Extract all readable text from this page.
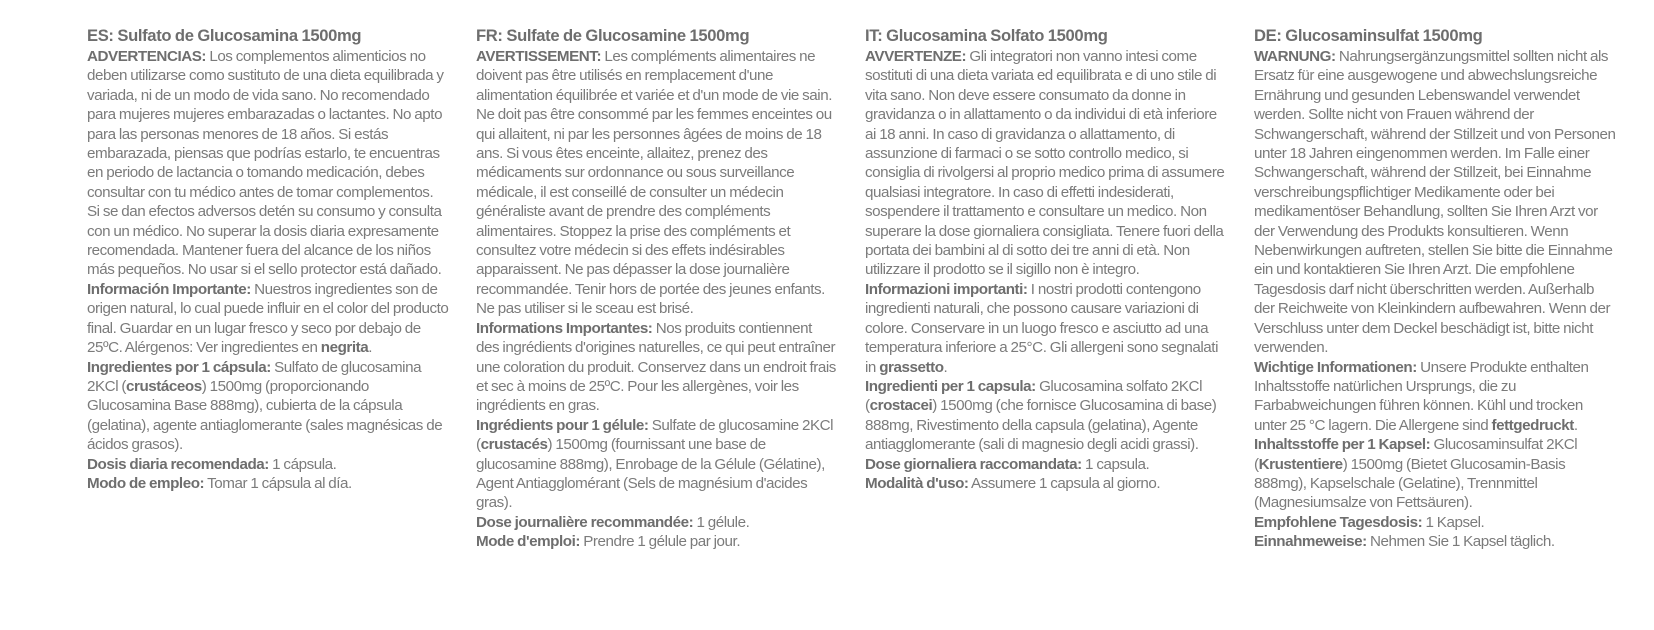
ES: Sulfato de Glucosamina 1500mg

ADVERTENCIAS: Los complementos alimenticios no deben utilizarse como sustituto de una dieta equilibrada y variada, ni de un modo de vida sano. No recomendado para mujeres mujeres embarazadas o lactantes. No apto para las personas menores de 18 años. Si estás embarazada, piensas que podrías estarlo, te encuentras en periodo de lactancia o tomando medicación, debes consultar con tu médico antes de tomar complementos. Si se dan efectos adversos detén su consumo y consulta con un médico. No superar la dosis diaria expresamente recomendada. Mantener fuera del alcance de los niños más pequeños. No usar si el sello protector está dañado.

Información Importante: Nuestros ingredientes son de origen natural, lo cual puede influir en el color del producto final. Guardar en un lugar fresco y seco por debajo de 25ºC. Alérgenos: Ver ingredientes en negrita.

Ingredientes por 1 cápsula: Sulfato de glucosamina 2KCl (crustáceos) 1500mg (proporcionando Glucosamina Base 888mg), cubierta de la cápsula (gelatina), agente antiaglomerante (sales magnésicas de ácidos grasos).

Dosis diaria recomendada: 1 cápsula.

Modo de empleo: Tomar 1 cápsula al día.

FR: Sulfate de Glucosamine 1500mg

AVERTISSEMENT: Les compléments alimentaires ne doivent pas être utilisés en remplacement d'une alimentation équilibrée et variée et d'un mode de vie sain. Ne doit pas être consommé par les femmes enceintes ou qui allaitent, ni par les personnes âgées de moins de 18 ans. Si vous êtes enceinte, allaitez, prenez des médicaments sur ordonnance ou sous surveillance médicale, il est conseillé de consulter un médecin généraliste avant de prendre des compléments alimentaires. Stoppez la prise des compléments et consultez votre médecin si des effets indésirables apparaissent. Ne pas dépasser la dose journalière recommandée. Tenir hors de portée des jeunes enfants. Ne pas utiliser si le sceau est brisé.

Informations Importantes: Nos produits contiennent des ingrédients d'origines naturelles, ce qui peut entraîner une coloration du produit. Conservez dans un endroit frais et sec à moins de 25ºC. Pour les allergènes, voir les ingrédients en gras.

Ingrédients pour 1 gélule: Sulfate de glucosamine 2KCl (crustacés) 1500mg (fournissant une base de glucosamine 888mg), Enrobage de la Gélule (Gélatine), Agent Antiagglomérant (Sels de magnésium d'acides gras).

Dose journalière recommandée: 1 gélule.

Mode d'emploi: Prendre 1 gélule par jour.

IT: Glucosamina Solfato 1500mg

AVVERTENZE: Gli integratori non vanno intesi come sostituti di una dieta variata ed equilibrata e di uno stile di vita sano. Non deve essere consumato da donne in gravidanza o in allattamento o da individui di età inferiore ai 18 anni. In caso di gravidanza o allattamento, di assunzione di farmaci o se sotto controllo medico, si consiglia di rivolgersi al proprio medico prima di assumere qualsiasi integratore. In caso di effetti indesiderati, sospendere il trattamento e consultare un medico. Non superare la dose giornaliera consigliata. Tenere fuori della portata dei bambini al di sotto dei tre anni di età. Non utilizzare il prodotto se il sigillo non è integro.

Informazioni importanti: I nostri prodotti contengono ingredienti naturali, che possono causare variazioni di colore. Conservare in un luogo fresco e asciutto ad una temperatura inferiore a 25°C. Gli allergeni sono segnalati in grassetto.

Ingredienti per 1 capsula: Glucosamina solfato 2KCl (crostacei) 1500mg (che fornisce Glucosamina di base) 888mg, Rivestimento della capsula (gelatina), Agente antiagglomerante (sali di magnesio degli acidi grassi).

Dose giornaliera raccomandata: 1 capsula.

Modalità d'uso: Assumere 1 capsula al giorno.

DE: Glucosaminsulfat 1500mg

WARNUNG: Nahrungsergänzungsmittel sollten nicht als Ersatz für eine ausgewogene und abwechslungsreiche Ernährung und gesunden Lebenswandel verwendet werden. Sollte nicht von Frauen während der Schwangerschaft, während der Stillzeit und von Personen unter 18 Jahren eingenommen werden. Im Falle einer Schwangerschaft, während der Stillzeit, bei Einnahme verschreibungspflichtiger Medikamente oder bei medikamentöser Behandlung, sollten Sie Ihren Arzt vor der Verwendung des Produkts konsultieren. Wenn Nebenwirkungen auftreten, stellen Sie bitte die Einnahme ein und kontaktieren Sie Ihren Arzt. Die empfohlene Tagesdosis darf nicht überschritten werden. Außerhalb der Reichweite von Kleinkindern aufbewahren. Wenn der Verschluss unter dem Deckel beschädigt ist, bitte nicht verwenden.

Wichtige Informationen: Unsere Produkte enthalten Inhaltsstoffe natürlichen Ursprungs, die zu Farbabweichungen führen können. Kühl und trocken unter 25 °C lagern. Die Allergene sind fettgedruckt.

Inhaltsstoffe per 1 Kapsel: Glucosaminsulfat 2KCl (Krustentiere) 1500mg (Bietet Glucosamin-Basis 888mg), Kapselschale (Gelatine), Trennmittel (Magnesiumsalze von Fettsäuren).

Empfohlene Tagesdosis: 1 Kapsel.

Einnahmeweise: Nehmen Sie 1 Kapsel täglich.
